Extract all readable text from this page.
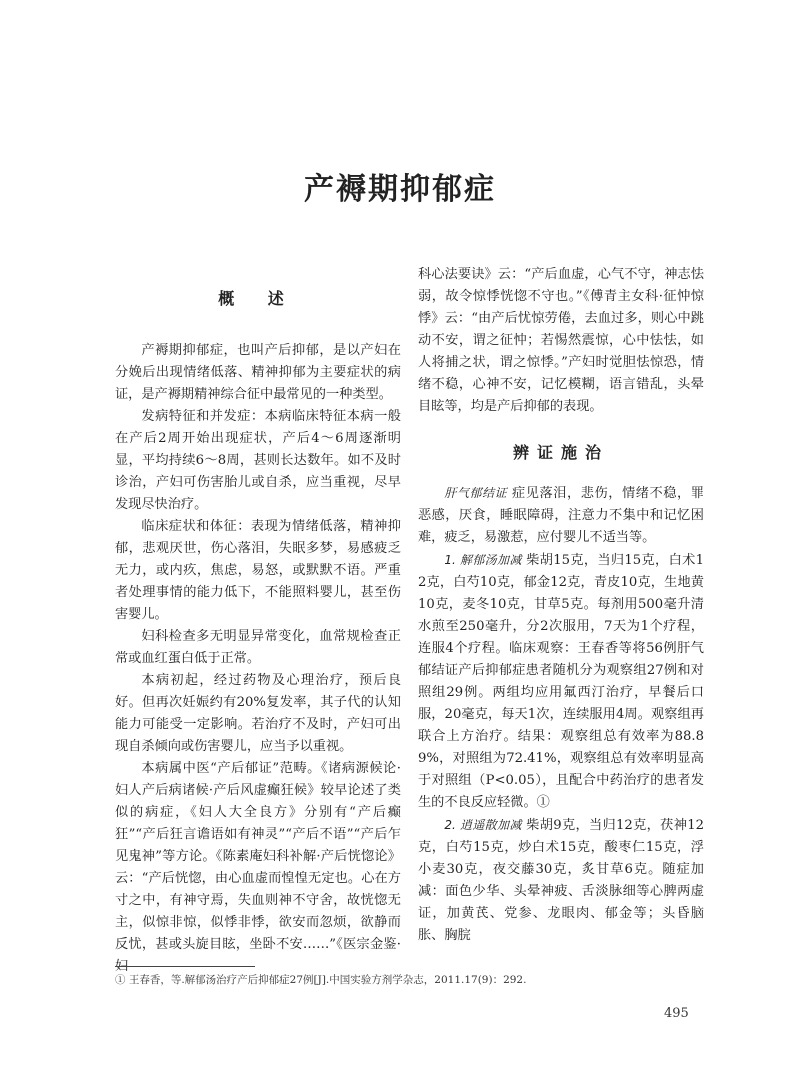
产褥期抑郁症
概 述

产褥期抑郁症，也叫产后抑郁，是以产妇在分娩后出现情绪低落、精神抑郁为主要症状的病证，是产褥期精神综合征中最常见的一种类型。

发病特征和并发症：本病临床特征本病一般在产后2周开始出现症状，产后4～6周逐渐明显，平均持续6～8周，甚则长达数年。如不及时诊治，产妇可伤害胎儿或自杀，应当重视，尽早发现尽快治疗。

临床症状和体征：表现为情绪低落，精神抑郁，悲观厌世，伤心落泪，失眠多梦，易感疲乏无力，或内疚，焦虑，易怒，或默默不语。严重者处理事情的能力低下，不能照料婴儿，甚至伤害婴儿。

妇科检查多无明显异常变化，血常规检查正常或血红蛋白低于正常。

本病初起，经过药物及心理治疗，预后良好。但再次妊娠约有20%复发率，其子代的认知能力可能受一定影响。若治疗不及时，产妇可出现自杀倾向或伤害婴儿，应当予以重视。

本病属中医“产后郁证”范畴。《诸病源候论·妇人产后病诸候·产后风虚癫狂候》较早论述了类似的病症，《妇人大全良方》分别有“产后癫狂”“产后狂言谵语如有神灵”“产后不语”“产后乍见鬼神”等方论。《陈素庵妇科补解·产后恍惚论》云：“产后恍惚，由心血虚而惶惶无定也。心在方寸之中，有神守焉，失血则神不守舍，故恍惚无主，似惊非惊，似悸非悸，欲安而忽烦，欲静而反忧，甚或头旋目眩，坐卧不安……”《医宗金鉴·妇

科心法要诀》云：“产后血虚，心气不守，神志怯弱，故令惊悸恍惚不守也。”《傅青主女科·征忡惊悸》云：“由产后忧惊劳倦，去血过多，则心中跳动不安，谓之征忡；若惕然震惊，心中怯怯，如人将捕之状，谓之惊悸。”产妇时觉胆怯惊恐，情绪不稳，心神不安，记忆模糊，语言错乱，头晕目眩等，均是产后抑郁的表现。

辨证施治

肝气郁结证 症见落泪，悲伤，情绪不稳，罪恶感，厌食，睡眠障碍，注意力不集中和记忆困难，疲乏，易激惹，应付婴儿不适当等。

1. 解郁汤加减 柴胡15克，当归15克，白术12克，白芍10克，郁金12克，青皮10克，生地黄10克，麦冬10克，甘草5克。每剂用500毫升清水煎至250毫升，分2次服用，7天为1个疗程，连服4个疗程。临床观察：王春香等将56例肝气郁结证产后抑郁症患者随机分为观察组27例和对照组29例。两组均应用氟西汀治疗，早餐后口服，20毫克，每天1次，连续服用4周。观察组再联合上方治疗。结果：观察组总有效率为88.89%，对照组为72.41%，观察组总有效率明显高于对照组（P<0.05），且配合中药治疗的患者发生的不良反应轻微。①

2. 逍遥散加减 柴胡9克，当归12克，茯神12克，白芍15克，炒白术15克，酸枣仁15克，浮小麦30克，夜交藤30克，炙甘草6克。随症加减：面色少华、头晕神疲、舌淡脉细等心脾两虚证，加黄芪、党参、龙眼肉、郁金等；头昏脑胀、胸脘

① 王春香，等.解郁汤治疗产后抑郁症27例[J].中国实验方剂学杂志，2011.17(9)：292.
495
